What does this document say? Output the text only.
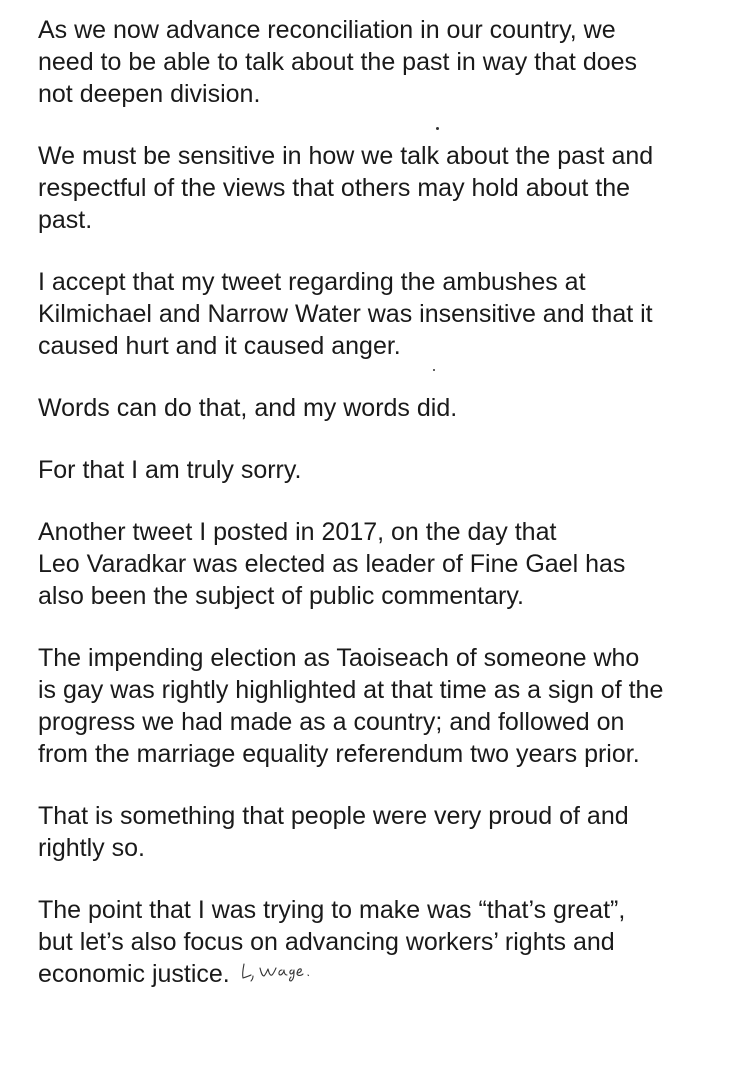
As we now advance reconciliation in our country, we
need to be able to talk about the past in way that does
not deepen division.

We must be sensitive in how we talk about the past and
respectful of the views that others may hold about the
past.

I accept that my tweet regarding the ambushes at
Kilmichael and Narrow Water was insensitive and that it
caused hurt and it caused anger.

Words can do that, and my words did.

For that I am truly sorry.

Another tweet I posted in 2017, on the day that
Leo Varadkar was elected as leader of Fine Gael has
also been the subject of public commentary.

The impending election as Taoiseach of someone who
is gay was rightly highlighted at that time as a sign of the
progress we had made as a country; and followed on
from the marriage equality referendum two years prior.

That is something that people were very proud of and
rightly so.

The point that I was trying to make was “that’s great”,
but let’s also focus on advancing workers’ rights and
economic justice.
